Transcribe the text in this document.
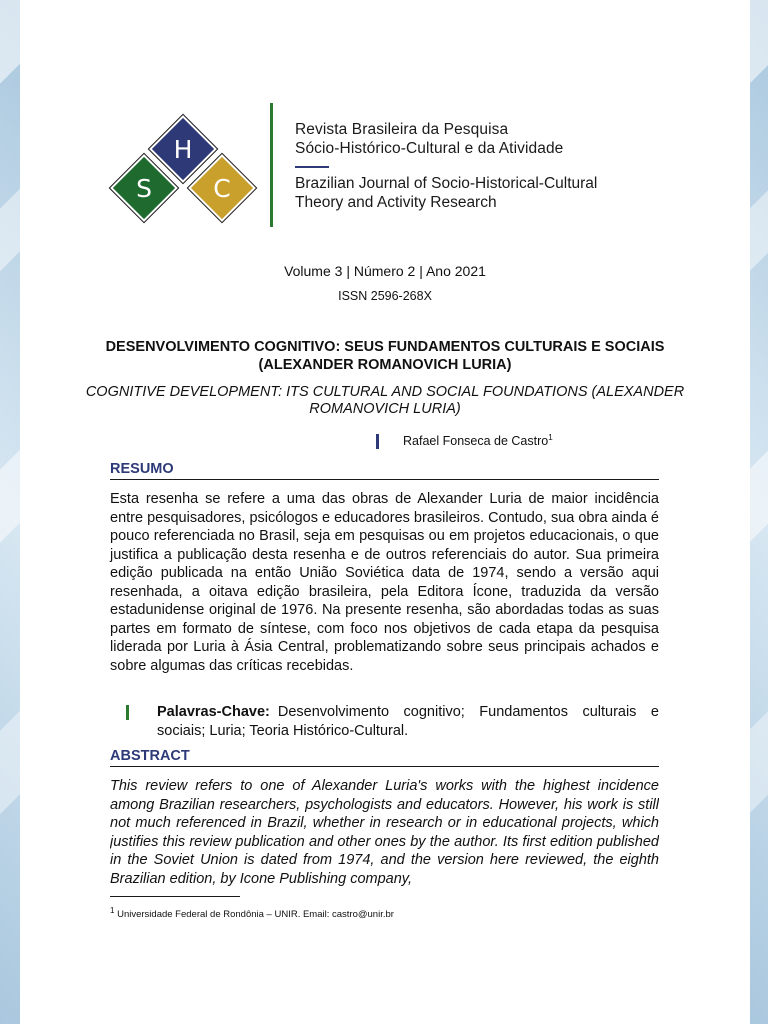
H
S	C
Revista Brasileira da Pesquisa
Sócio-Histórico-Cultural e da Atividade
Brazilian Journal of Socio-Historical-Cultural
Theory and Activity Research
Volume 3 | Número 2 | Ano 2021
ISSN 2596-268X
DESENVOLVIMENTO COGNITIVO: SEUS FUNDAMENTOS CULTURAIS E SOCIAIS (ALEXANDER ROMANOVICH LURIA)
COGNITIVE DEVELOPMENT: ITS CULTURAL AND SOCIAL FOUNDATIONS (ALEXANDER ROMANOVICH LURIA)
Rafael Fonseca de Castro$^1$
RESUMO
Esta resenha se refere a uma das obras de Alexander Luria de maior incidência entre pesquisadores, psicólogos e educadores brasileiros. Contudo, sua obra ainda é pouco referenciada no Brasil, seja em pesquisas ou em projetos educacionais, o que justifica a publicação desta resenha e de outros referenciais do autor. Sua primeira edição publicada na então União Soviética data de 1974, sendo a versão aqui resenhada, a oitava edição brasileira, pela Editora Ícone, traduzida da versão estadunidense original de 1976. Na presente resenha, são abordadas todas as suas partes em formato de síntese, com foco nos objetivos de cada etapa da pesquisa liderada por Luria à Ásia Central, problematizando sobre seus principais achados e sobre algumas das críticas recebidas.
Palavras-Chave: Desenvolvimento cognitivo; Fundamentos culturais e sociais; Luria; Teoria Histórico-Cultural.
ABSTRACT
This review refers to one of Alexander Luria's works with the highest incidence among Brazilian researchers, psychologists and educators. However, his work is still not much referenced in Brazil, whether in research or in educational projects, which justifies this review publication and other ones by the author. Its first edition published in the Soviet Union is dated from 1974, and the version here reviewed, the eighth Brazilian edition, by Icone Publishing company,
$^1$ Universidade Federal de Rondônia – UNIR. Email: castro@unir.br
